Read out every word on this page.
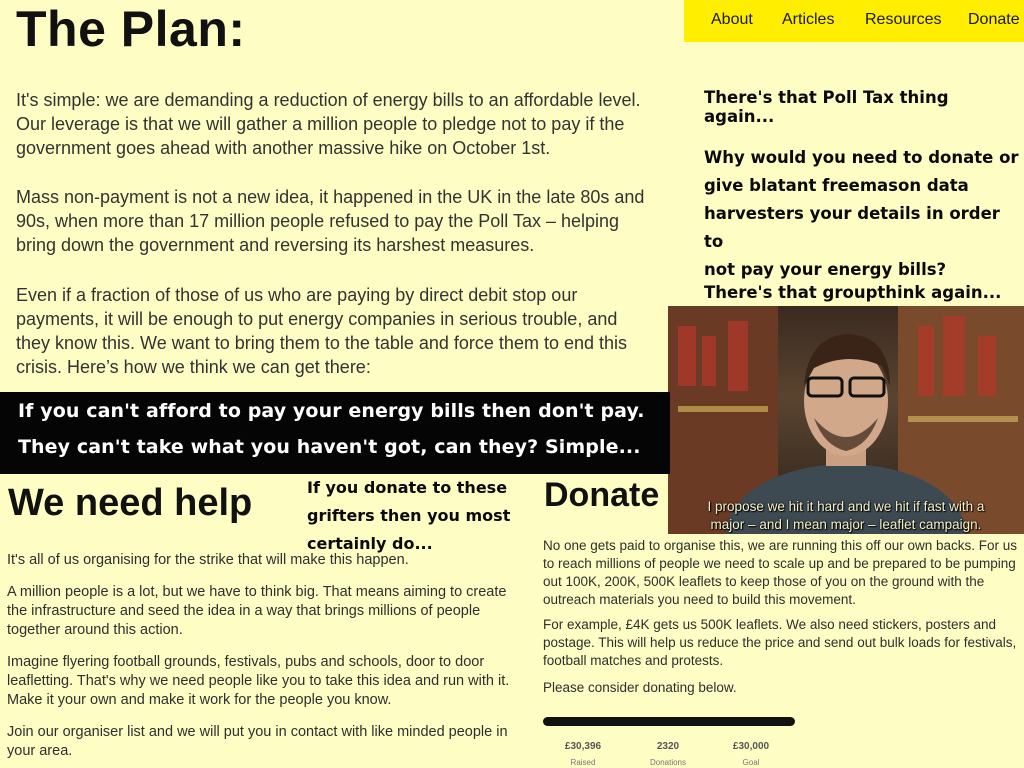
About Articles Resources Donate
The Plan:
It's simple: we are demanding a reduction of energy bills to an affordable level.
Our leverage is that we will gather a million people to pledge not to pay if the
government goes ahead with another massive hike on October 1st.
Mass non-payment is not a new idea, it happened in the UK in the late 80s and
90s, when more than 17 million people refused to pay the Poll Tax – helping
bring down the government and reversing its harshest measures.
Even if a fraction of those of us who are paying by direct debit stop our
payments, it will be enough to put energy companies in serious trouble, and
they know this. We want to bring them to the table and force them to end this
crisis. Here’s how we think we can get there:
There's that Poll Tax thing again...
Why would you need to donate or
give blatant freemason data
harvesters your details in order to
not pay your energy bills?
There's that groupthink again...
I propose we hit it hard and we hit if fast with a
major – and I mean major – leaflet campaign.
If you can't afford to pay your energy bills then don't pay.
They can't take what you haven't got, can they? Simple...
We need help	If you donate to these
grifters then you most
certainly do...
It's all of us organising for the strike that will make this happen.
A million people is a lot, but we have to think big. That means aiming to create
the infrastructure and seed the idea in a way that brings millions of people
together around this action.
Imagine flyering football grounds, festivals, pubs and schools, door to door
leafletting. That's why we need people like you to take this idea and run with it.
Make it your own and make it work for the people you know.
Join our organiser list and we will put you in contact with like minded people in
your area.
Donate
No one gets paid to organise this, we are running this off our own backs. For us
to reach millions of people we need to scale up and be prepared to be pumping
out 100K, 200K, 500K leaflets to keep those of you on the ground with the
outreach materials you need to build this movement.
For example, £4K gets us 500K leaflets. We also need stickers, posters and
postage. This will help us reduce the price and send out bulk loads for festivals,
football matches and protests.
Please consider donating below.
£30,396
Raised
2320
Donations
£30,000
Goal
